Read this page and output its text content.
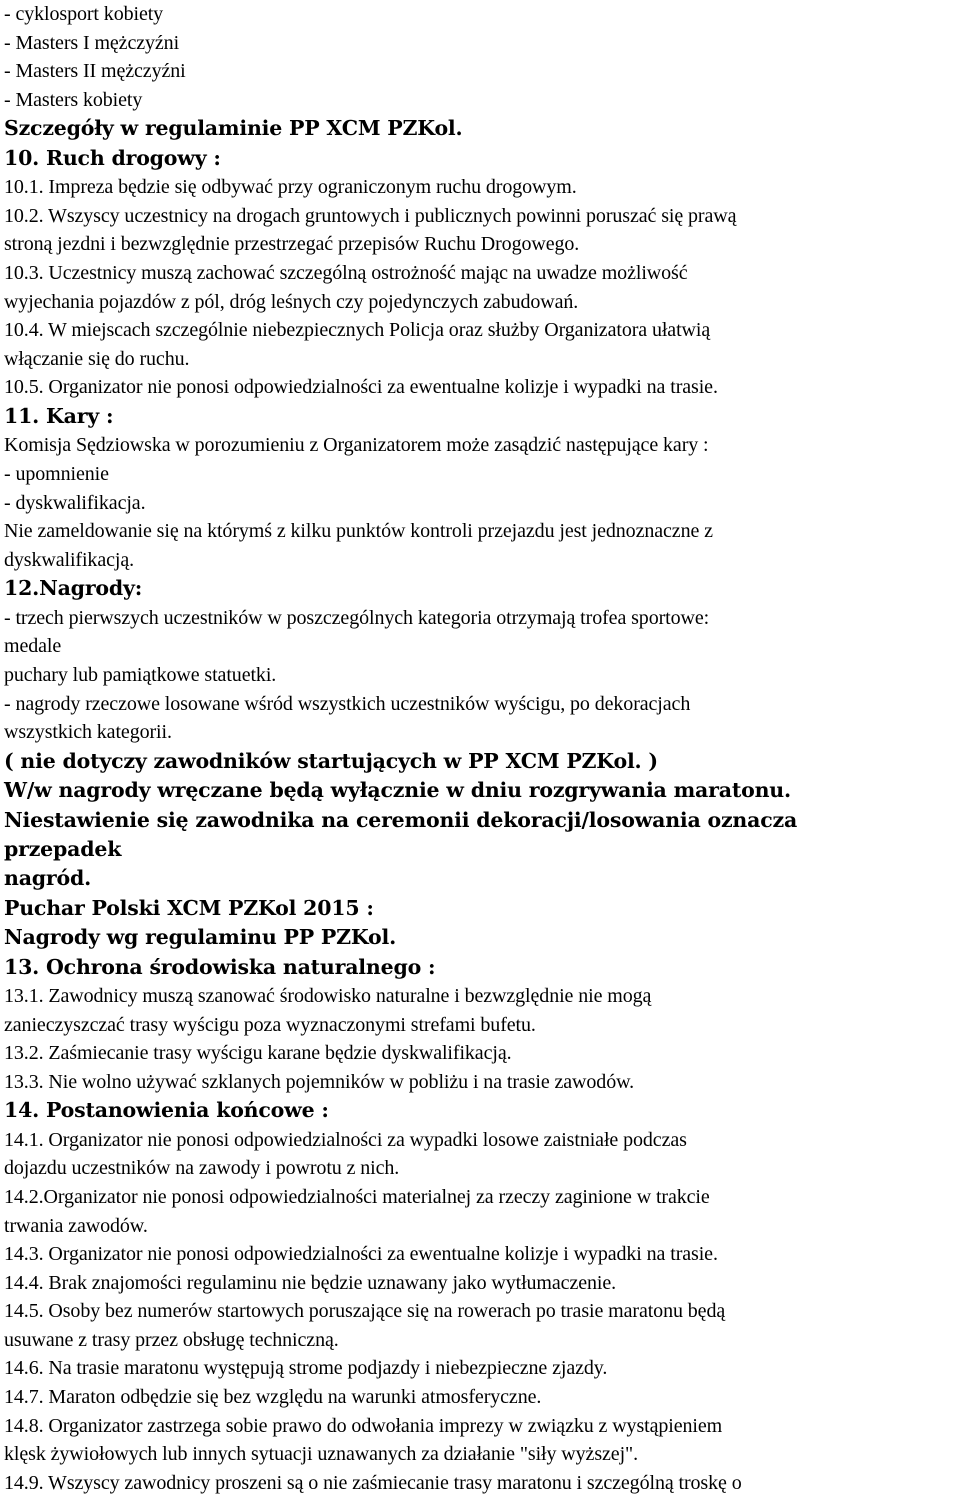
- cyklosport kobiety
- Masters I mężczyźni
- Masters II mężczyźni
- Masters kobiety
Szczegóły w regulaminie PP XCM PZKol.
10. Ruch drogowy :
10.1. Impreza będzie się odbywać przy ograniczonym ruchu drogowym.
10.2. Wszyscy uczestnicy na drogach gruntowych i publicznych powinni poruszać się prawą
stroną jezdni i bezwzględnie przestrzegać przepisów Ruchu Drogowego.
10.3. Uczestnicy muszą zachować szczególną ostrożność mając na uwadze możliwość
wyjechania pojazdów z pól, dróg leśnych czy pojedynczych zabudowań.
10.4. W miejscach szczególnie niebezpiecznych Policja oraz służby Organizatora ułatwią
włączanie się do ruchu.
10.5. Organizator nie ponosi odpowiedzialności za ewentualne kolizje i wypadki na trasie.
11. Kary :
Komisja Sędziowska w porozumieniu z Organizatorem może zasądzić następujące kary :
- upomnienie
- dyskwalifikacja.
Nie zameldowanie się na którymś z kilku punktów kontroli przejazdu jest jednoznaczne z
dyskwalifikacją.
12.Nagrody:
- trzech pierwszych uczestników w poszczególnych kategoria otrzymają trofea sportowe:
medale
puchary lub pamiątkowe statuetki.
- nagrody rzeczowe losowane wśród wszystkich uczestników wyścigu, po dekoracjach
wszystkich kategorii.
( nie dotyczy zawodników startujących w PP XCM PZKol. )
W/w nagrody wręczane będą wyłącznie w dniu rozgrywania maratonu.
Niestawienie się zawodnika na ceremonii dekoracji/losowania oznacza
przepadek
nagród.
Puchar Polski XCM PZKol 2015 :
Nagrody wg regulaminu PP PZKol.
13. Ochrona środowiska naturalnego :
13.1. Zawodnicy muszą szanować środowisko naturalne i bezwzględnie nie mogą
zanieczyszczać trasy wyścigu poza wyznaczonymi strefami bufetu.
13.2. Zaśmiecanie trasy wyścigu karane będzie dyskwalifikacją.
13.3. Nie wolno używać szklanych pojemników w pobliżu i na trasie zawodów.
14. Postanowienia końcowe :
14.1. Organizator nie ponosi odpowiedzialności za wypadki losowe zaistniałe podczas
dojazdu uczestników na zawody i powrotu z nich.
14.2.Organizator nie ponosi odpowiedzialności materialnej za rzeczy zaginione w trakcie
trwania zawodów.
14.3. Organizator nie ponosi odpowiedzialności za ewentualne kolizje i wypadki na trasie.
14.4. Brak znajomości regulaminu nie będzie uznawany jako wytłumaczenie.
14.5. Osoby bez numerów startowych poruszające się na rowerach po trasie maratonu będą
usuwane z trasy przez obsługę techniczną.
14.6. Na trasie maratonu występują strome podjazdy i niebezpieczne zjazdy.
14.7. Maraton odbędzie się bez względu na warunki atmosferyczne.
14.8. Organizator zastrzega sobie prawo do odwołania imprezy w związku z wystąpieniem
klęsk żywiołowych lub innych sytuacji uznawanych za działanie "siły wyższej".
14.9. Wszyscy zawodnicy proszeni są o nie zaśmiecanie trasy maratonu i szczególną troskę o
